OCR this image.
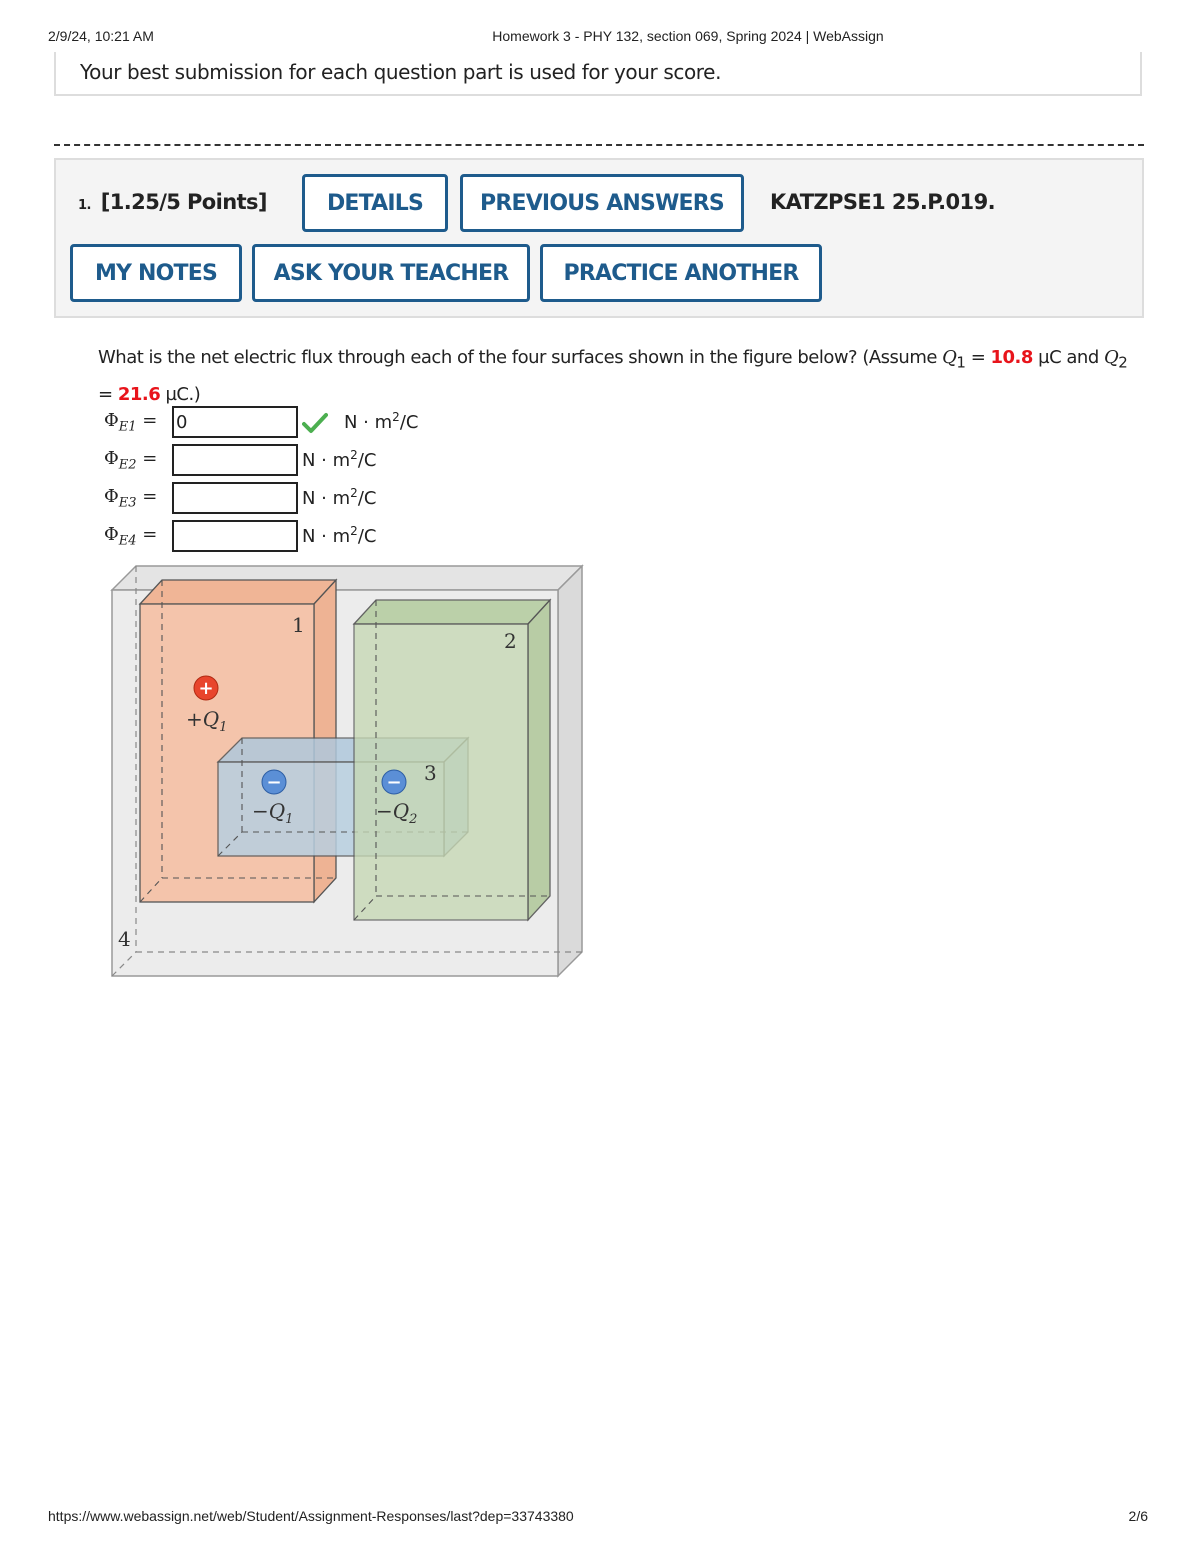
2/9/24, 10:21 AM	Homework 3 - PHY 132, section 069, Spring 2024 | WebAssign
Your best submission for each question part is used for your score.
1. [1.25/5 Points]	DETAILS	PREVIOUS ANSWERS	KATZPSE1 25.P.019.
MY NOTES	ASK YOUR TEACHER	PRACTICE ANOTHER
What is the net electric flux through each of the four surfaces shown in the figure below? (Assume $Q_1 = 10.8$ µC and $Q_2 = 21.6$ µC.)
$\Phi_{E1}$ =
0	$N \cdot m^2/C$
$\Phi_{E2}$ =	$N \cdot m^2/C$
$\Phi_{E3}$ =	$N \cdot m^2/C$
$\Phi_{E4}$ =	$N \cdot m^2/C$
1
2
3
4
+
$+Q_1$
−
$-Q_1$
−
$-Q_2$
https://www.webassign.net/web/Student/Assignment-Responses/last?dep=33743380	2/6
